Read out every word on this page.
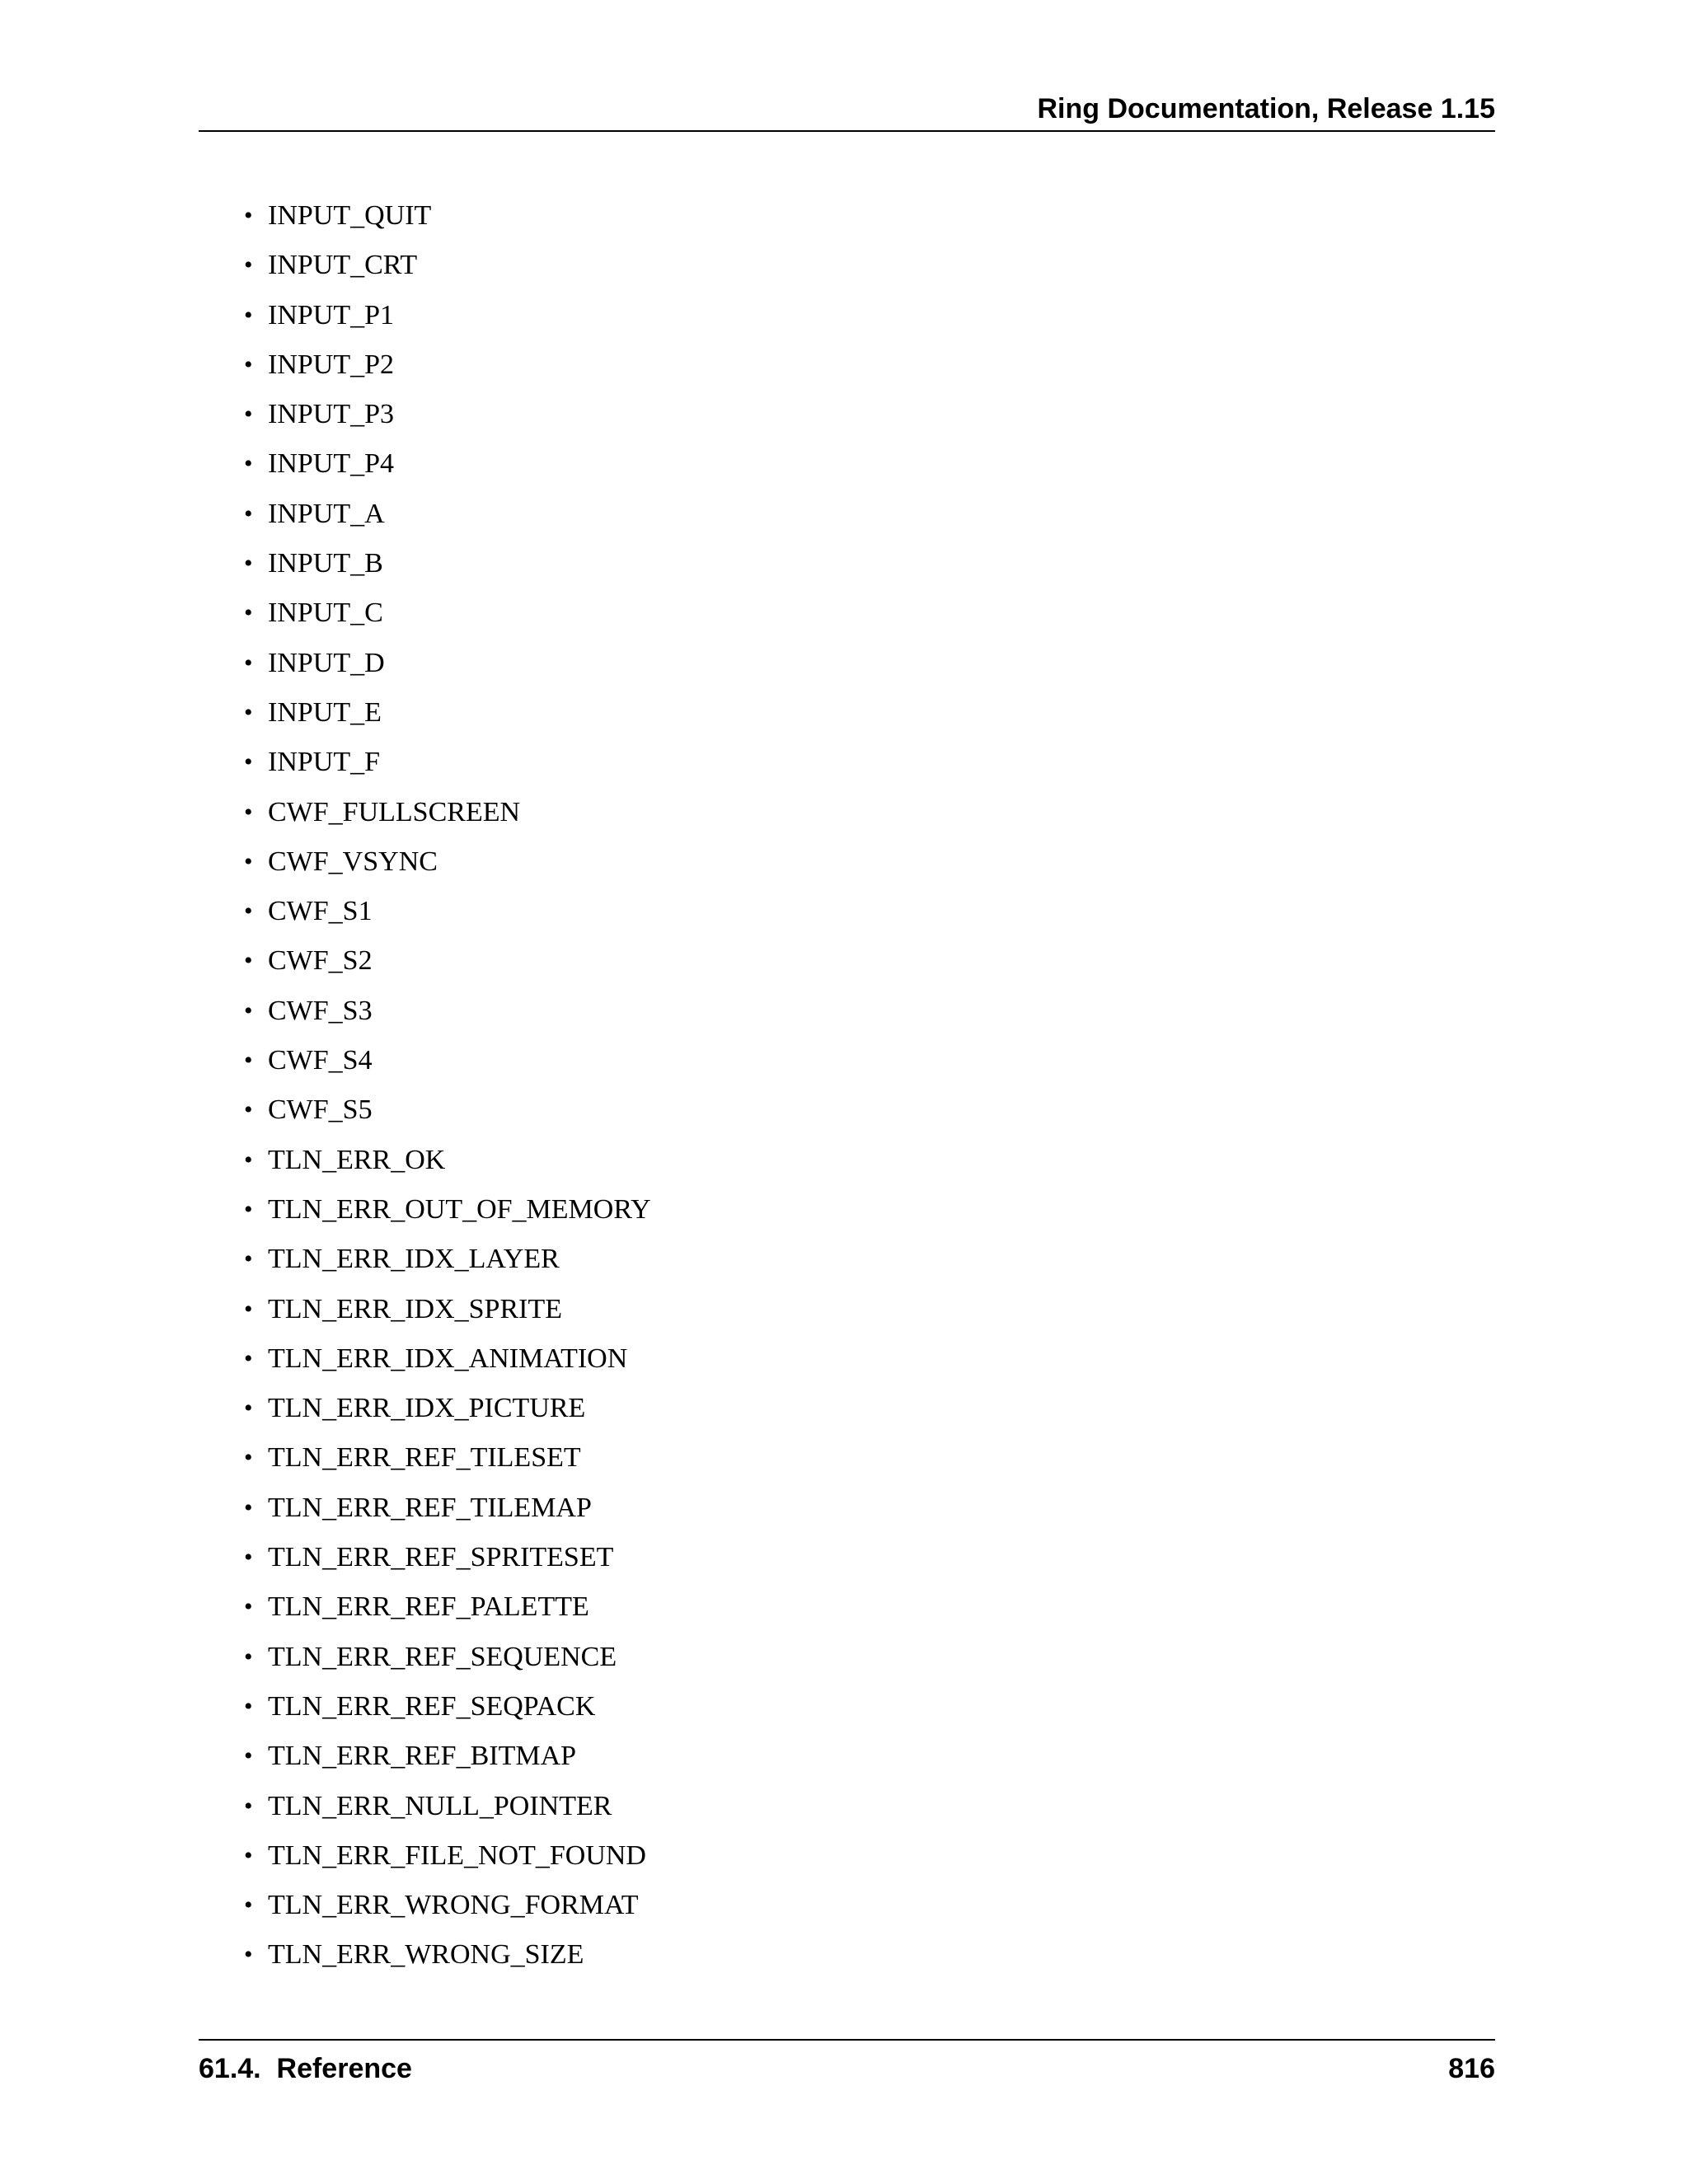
Ring Documentation, Release 1.15
• INPUT_QUIT
• INPUT_CRT
• INPUT_P1
• INPUT_P2
• INPUT_P3
• INPUT_P4
• INPUT_A
• INPUT_B
• INPUT_C
• INPUT_D
• INPUT_E
• INPUT_F
• CWF_FULLSCREEN
• CWF_VSYNC
• CWF_S1
• CWF_S2
• CWF_S3
• CWF_S4
• CWF_S5
• TLN_ERR_OK
• TLN_ERR_OUT_OF_MEMORY
• TLN_ERR_IDX_LAYER
• TLN_ERR_IDX_SPRITE
• TLN_ERR_IDX_ANIMATION
• TLN_ERR_IDX_PICTURE
• TLN_ERR_REF_TILESET
• TLN_ERR_REF_TILEMAP
• TLN_ERR_REF_SPRITESET
• TLN_ERR_REF_PALETTE
• TLN_ERR_REF_SEQUENCE
• TLN_ERR_REF_SEQPACK
• TLN_ERR_REF_BITMAP
• TLN_ERR_NULL_POINTER
• TLN_ERR_FILE_NOT_FOUND
• TLN_ERR_WRONG_FORMAT
• TLN_ERR_WRONG_SIZE
61.4.  Reference	816
